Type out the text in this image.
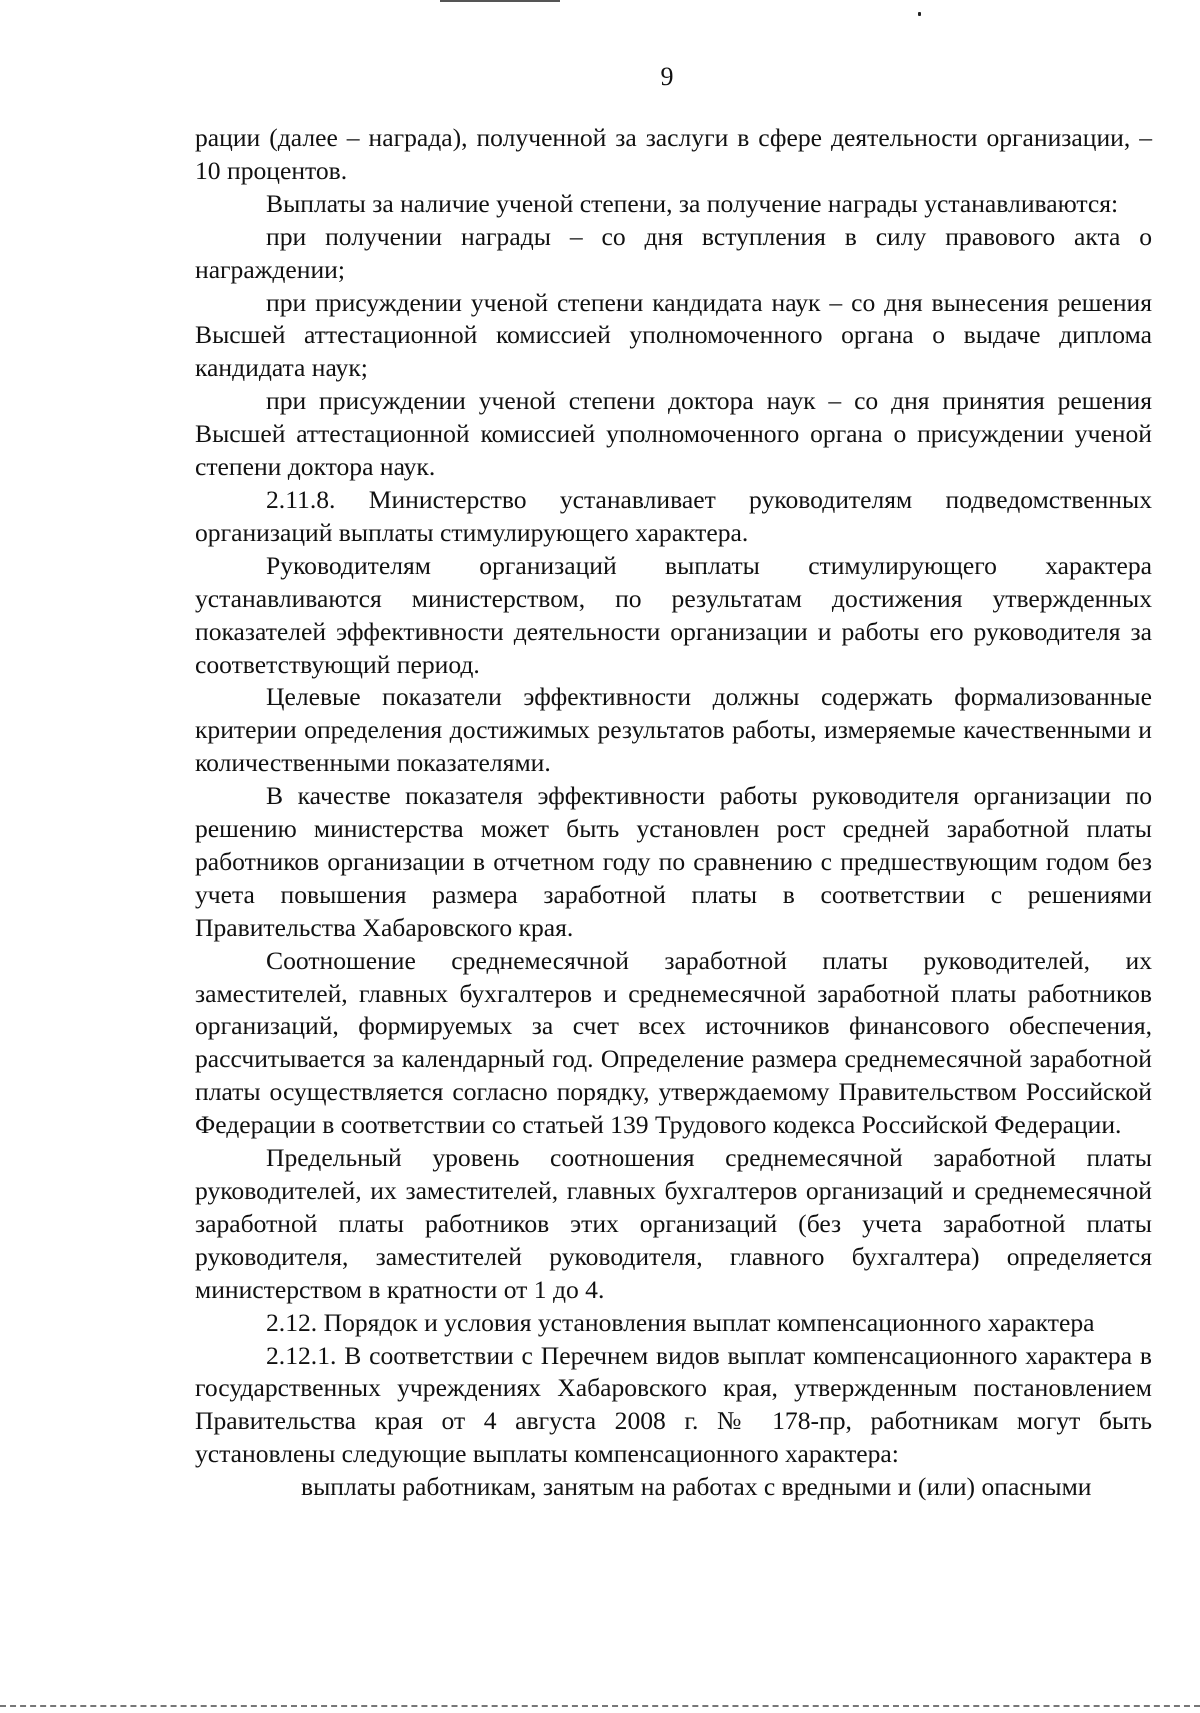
9

рации (далее – награда), полученной за заслуги в сфере деятельности организации, – 10 процентов.

Выплаты за наличие ученой степени, за получение награды устанавливаются:

при получении награды – со дня вступления в силу правового акта о награждении;

при присуждении ученой степени кандидата наук – со дня вынесения решения Высшей аттестационной комиссией уполномоченного органа о выдаче диплома кандидата наук;

при присуждении ученой степени доктора наук – со дня принятия решения Высшей аттестационной комиссией уполномоченного органа о присуждении ученой степени доктора наук.

2.11.8. Министерство устанавливает руководителям подведомственных организаций выплаты стимулирующего характера.

Руководителям организаций выплаты стимулирующего характера устанавливаются министерством, по результатам достижения утвержденных показателей эффективности деятельности организации и работы его руководителя за соответствующий период.

Целевые показатели эффективности должны содержать формализованные критерии определения достижимых результатов работы, измеряемые качественными и количественными показателями.

В качестве показателя эффективности работы руководителя организации по решению министерства может быть установлен рост средней заработной платы работников организации в отчетном году по сравнению с предшествующим годом без учета повышения размера заработной платы в соответствии с решениями Правительства Хабаровского края.

Соотношение среднемесячной заработной платы руководителей, их заместителей, главных бухгалтеров и среднемесячной заработной платы работников организаций, формируемых за счет всех источников финансового обеспечения, рассчитывается за календарный год. Определение размера среднемесячной заработной платы осуществляется согласно порядку, утверждаемому Правительством Российской Федерации в соответствии со статьей 139 Трудового кодекса Российской Федерации.

Предельный уровень соотношения среднемесячной заработной платы руководителей, их заместителей, главных бухгалтеров организаций и среднемесячной заработной платы работников этих организаций (без учета заработной платы руководителя, заместителей руководителя, главного бухгалтера) определяется министерством в кратности от 1 до 4.

2.12. Порядок и условия установления выплат компенсационного характера

2.12.1. В соответствии с Перечнем видов выплат компенсационного характера в государственных учреждениях Хабаровского края, утвержденным постановлением Правительства края от 4 августа 2008 г. № 178-пр, работникам могут быть установлены следующие выплаты компенсационного характера:

выплаты работникам, занятым на работах с вредными и (или) опасными
